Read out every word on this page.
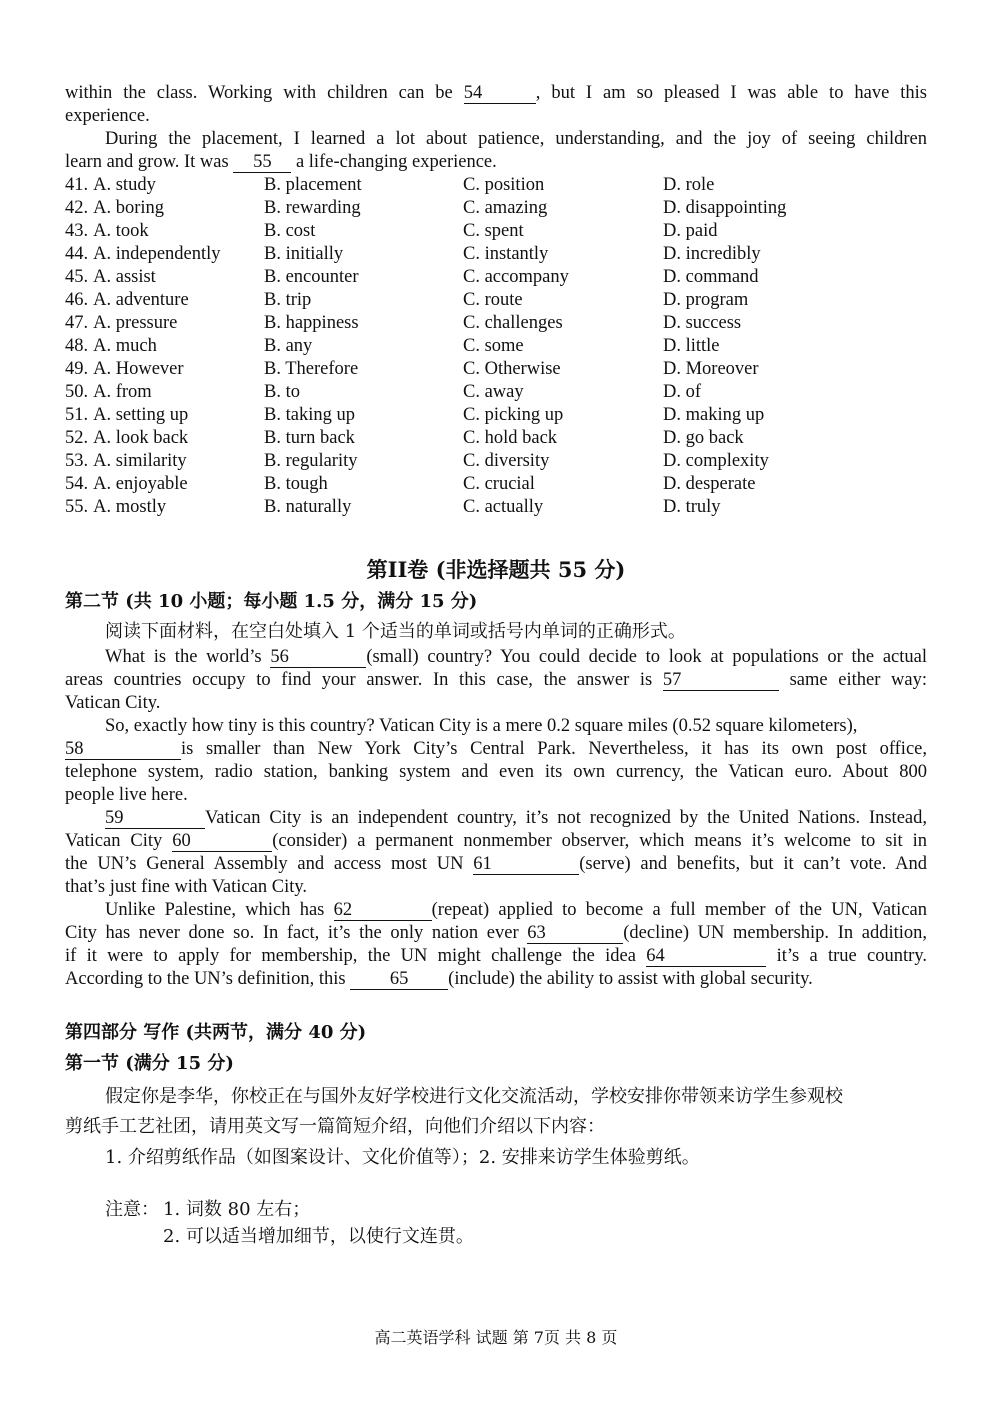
within the class. Working with children can be 54	, but I am so pleased I was able to have this
experience.
During the placement, I learned a lot about patience, understanding, and the joy of seeing children
learn and grow. It was 55 a life-changing experience.
41. A. study	B. placement	C. position	D. role
42. A. boring	B. rewarding	C. amazing	D. disappointing
43. A. took	B. cost	C. spent	D. paid
44. A. independently B. initially	C. instantly	D. incredibly
45. A. assist	B. encounter	C. accompany	D. command
46. A. adventure	B. trip	C. route	D. program
47. A. pressure	B. happiness	C. challenges	D. success
48. A. much	B. any	C. some	D. little
49. A. However	B. Therefore	C. Otherwise	D. Moreover
50. A. from	B. to	C. away	D. of
51. A. setting up	B. taking up	C. picking up	D. making up
52. A. look back	B. turn back	C. hold back	D. go back
53. A. similarity	B. regularity	C. diversity	D. complexity
54. A. enjoyable	B. tough	C. crucial	D. desperate
55. A. mostly	B. naturally	C. actually	D. truly
第II卷 (非选择题共 55 分)
第二节 (共 10 小题；每小题 1.5 分，满分 15 分)
阅读下面材料，在空白处填入 1 个适当的单词或括号内单词的正确形式。
What is the world’s 56	(small) country? You could decide to look at populations or the actual
areas countries occupy to find your answer. In this case, the answer is 57	same either way:
Vatican City.
So, exactly how tiny is this country? Vatican City is a mere 0.2 square miles (0.52 square kilometers),
58	is smaller than New York City’s Central Park. Nevertheless, it has its own post office,
telephone system, radio station, banking system and even its own currency, the Vatican euro. About 800
people live here.
59	Vatican City is an independent country, it’s not recognized by the United Nations. Instead,
Vatican City 60	(consider) a permanent nonmember observer, which means it’s welcome to sit in
the UN’s General Assembly and access most UN 61	(serve) and benefits, but it can’t vote. And
that’s just fine with Vatican City.
Unlike Palestine, which has 62	(repeat) applied to become a full member of the UN, Vatican
City has never done so. In fact, it’s the only nation ever 63	(decline) UN membership. In addition,
if it were to apply for membership, the UN might challenge the idea 64	it’s a true country.
According to the UN’s definition, this 65 (include) the ability to assist with global security.
第四部分 写作 (共两节，满分 40 分)
第一节 (满分 15 分)
假定你是李华，你校正在与国外友好学校进行文化交流活动，学校安排你带领来访学生参观校
剪纸手工艺社团，请用英文写一篇简短介绍，向他们介绍以下内容：
1. 介绍剪纸作品（如图案设计、文化价值等）；2. 安排来访学生体验剪纸。
注意： 1. 词数 80 左右；
2. 可以适当增加细节，以使行文连贯。
高二英语学科 试题 第 7页 共 8 页
